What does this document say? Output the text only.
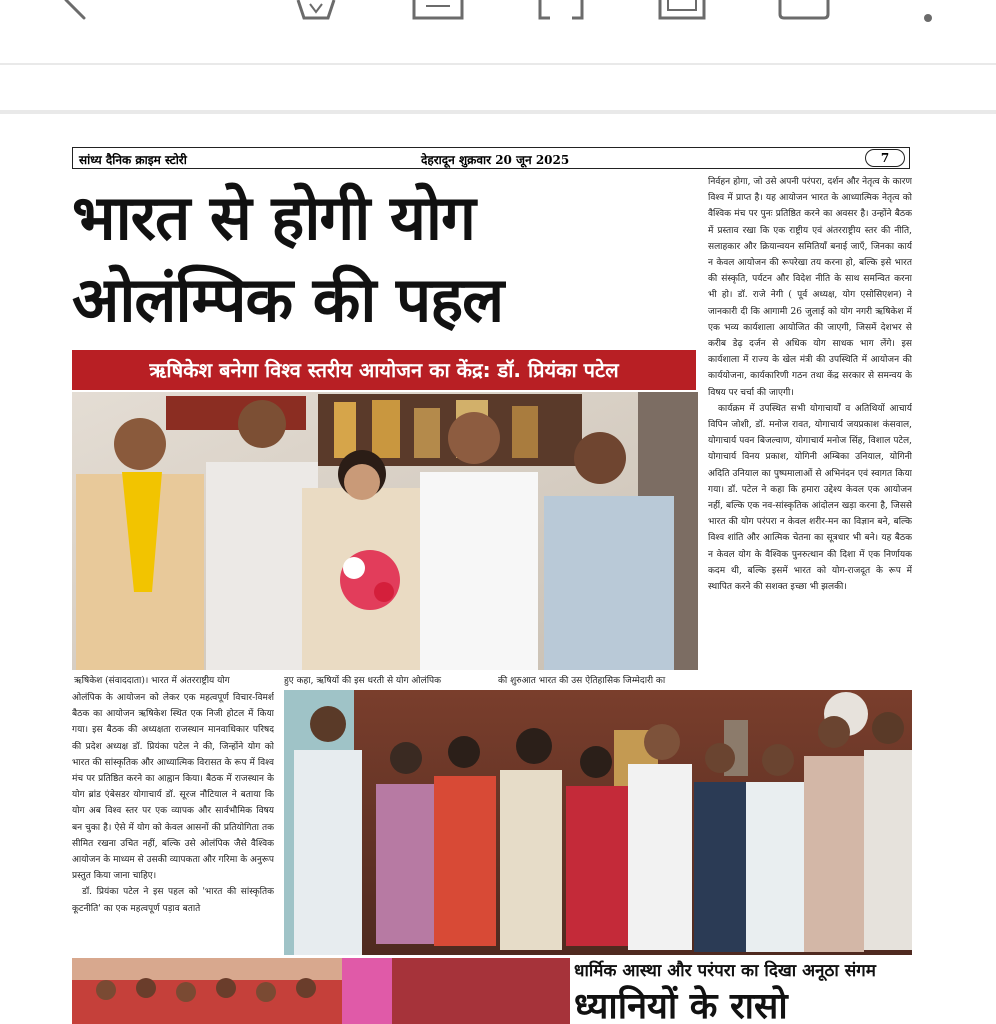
सांध्य दैनिक क्राइम स्टोरी	देहरादून शुक्रवार 20 जून 2025	7
भारत से होगी योग
ओलंम्पिक की पहल
ऋषिकेश बनेगा विश्व स्तरीय आयोजन का केंद्र: डॉ. प्रियंका पटेल

निर्वहन होगा, जो उसे अपनी परंपरा, दर्शन और नेतृत्व के कारण विश्व में प्राप्त है। यह आयोजन भारत के आध्यात्मिक नेतृत्व को वैश्विक मंच पर पुनः प्रतिष्ठित करने का अवसर है। उन्होंने बैठक में प्रस्ताव रखा कि एक राष्ट्रीय एवं अंतरराष्ट्रीय स्तर की नीति, सलाहकार और क्रियान्वयन समितियाँ बनाई जाएँ, जिनका कार्य न केवल आयोजन की रूपरेखा तय करना हो, बल्कि इसे भारत की संस्कृति, पर्यटन और विदेश नीति के साथ समन्वित करना भी हो। डॉ. राजे नेगी ( पूर्व अध्यक्ष, योग एसोसिएशन) ने जानकारी दी कि आगामी 26 जुलाई को योग नगरी ऋषिकेश में एक भव्य कार्यशाला आयोजित की जाएगी, जिसमें देशभर से करीब डेढ़ दर्जन से अधिक योग साधक भाग लेंगे। इस कार्यशाला में राज्य के खेल मंत्री की उपस्थिति में आयोजन की कार्ययोजना, कार्यकारिणी गठन तथा केंद्र सरकार से समन्वय के विषय पर चर्चा की जाएगी।

कार्यक्रम में उपस्थित सभी योगाचार्यों व अतिथियों आचार्य विपिन जोशी, डॉ. मनोज रावत, योगाचार्य जयप्रकाश कंसवाल, योगाचार्य पवन बिजल्वाण, योगाचार्य मनोज सिंह, विशाल पटेल, योगाचार्य विनय प्रकाश, योगिनी अम्बिका उनियाल, योगिनी अदिति उनियाल का पुष्पमालाओं से अभिनंदन एवं स्वागत किया गया। डॉ. पटेल ने कहा कि हमारा उद्देश्य केवल एक आयोजन नहीं, बल्कि एक नव-सांस्कृतिक आंदोलन खड़ा करना है, जिससे भारत की योग परंपरा न केवल शरीर-मन का विज्ञान बने, बल्कि विश्व शांति और आत्मिक चेतना का सूत्रधार भी बने। यह बैठक न केवल योग के वैश्विक पुनरुत्थान की दिशा में एक निर्णायक कदम थी, बल्कि इसमें भारत को योग-राजदूत के रूप में स्थापित करने की सशक्त इच्छा भी झलकी।

ऋषिकेश (संवाददाता)। भारत में अंतरराष्ट्रीय योग	हुए कहा, ऋषियों की इस धरती से योग ओलंपिक	की शुरुआत भारत की उस ऐतिहासिक जिम्मेदारी का

ओलंपिक के आयोजन को लेकर एक महत्वपूर्ण विचार-विमर्श बैठक का आयोजन ऋषिकेश स्थित एक निजी होटल में किया गया। इस बैठक की अध्यक्षता राजस्थान मानवाधिकार परिषद की प्रदेश अध्यक्ष डॉ. प्रियंका पटेल ने की, जिन्होंने योग को भारत की सांस्कृतिक और आध्यात्मिक विरासत के रूप में विश्व मंच पर प्रतिष्ठित करने का आह्वान किया। बैठक में राजस्थान के योग ब्रांड एंबेसडर योगाचार्य डॉ. सूरज नौटियाल ने बताया कि योग अब विश्व स्तर पर एक व्यापक और सार्वभौमिक विषय बन चुका है। ऐसे में योग को केवल आसनों की प्रतियोगिता तक सीमित रखना उचित नहीं, बल्कि उसे ओलंपिक जैसे वैश्विक आयोजन के माध्यम से उसकी व्यापकता और गरिमा के अनुरूप प्रस्तुत किया जाना चाहिए।

डॉ. प्रियंका पटेल ने इस पहल को 'भारत की सांस्कृतिक कूटनीति' का एक महत्वपूर्ण पड़ाव बताते

धार्मिक आस्था और परंपरा का दिखा अनूठा संगम
ध्यानियों के रासो
